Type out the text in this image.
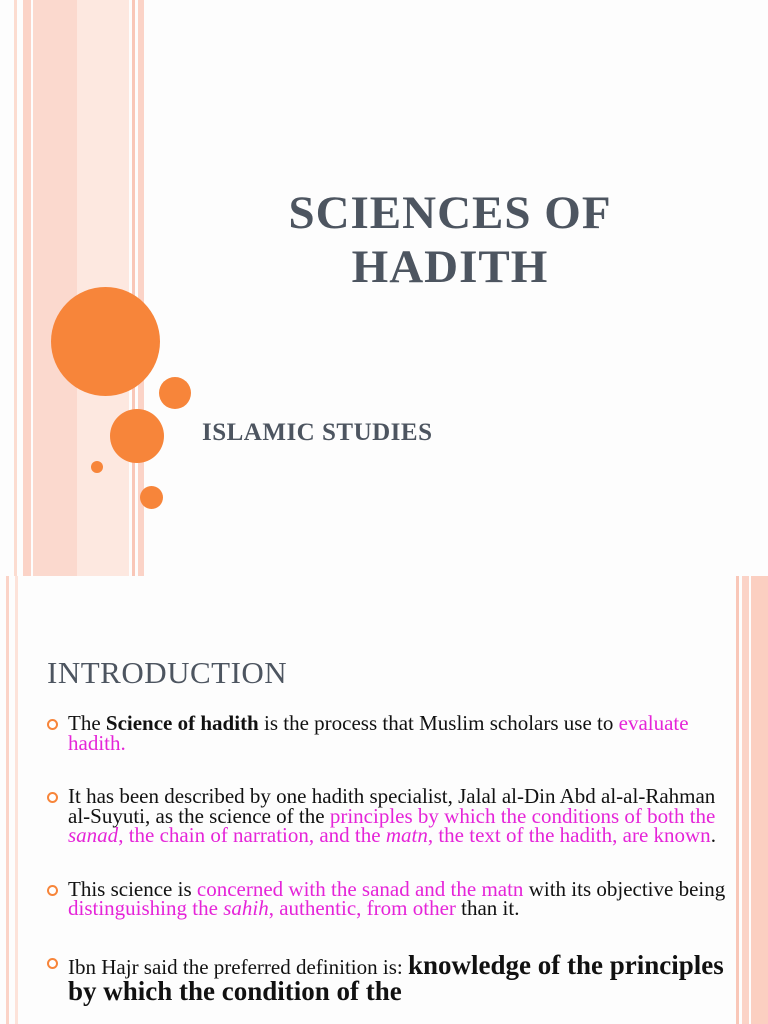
SCIENCES OF
HADITH
ISLAMIC STUDIES
INTRODUCTION
The Science of hadith is the process that Muslim scholars use to evaluate hadith.
It has been described by one hadith specialist, Jalal al-Din Abd al-al-Rahman al-Suyuti, as the science of the principles by which the conditions of both the sanad, the chain of narration, and the matn, the text of the hadith, are known.
This science is concerned with the sanad and the matn with its objective being distinguishing the sahih, authentic, from other than it.
Ibn Hajr said the preferred definition is: knowledge of the principles by which the condition of the
